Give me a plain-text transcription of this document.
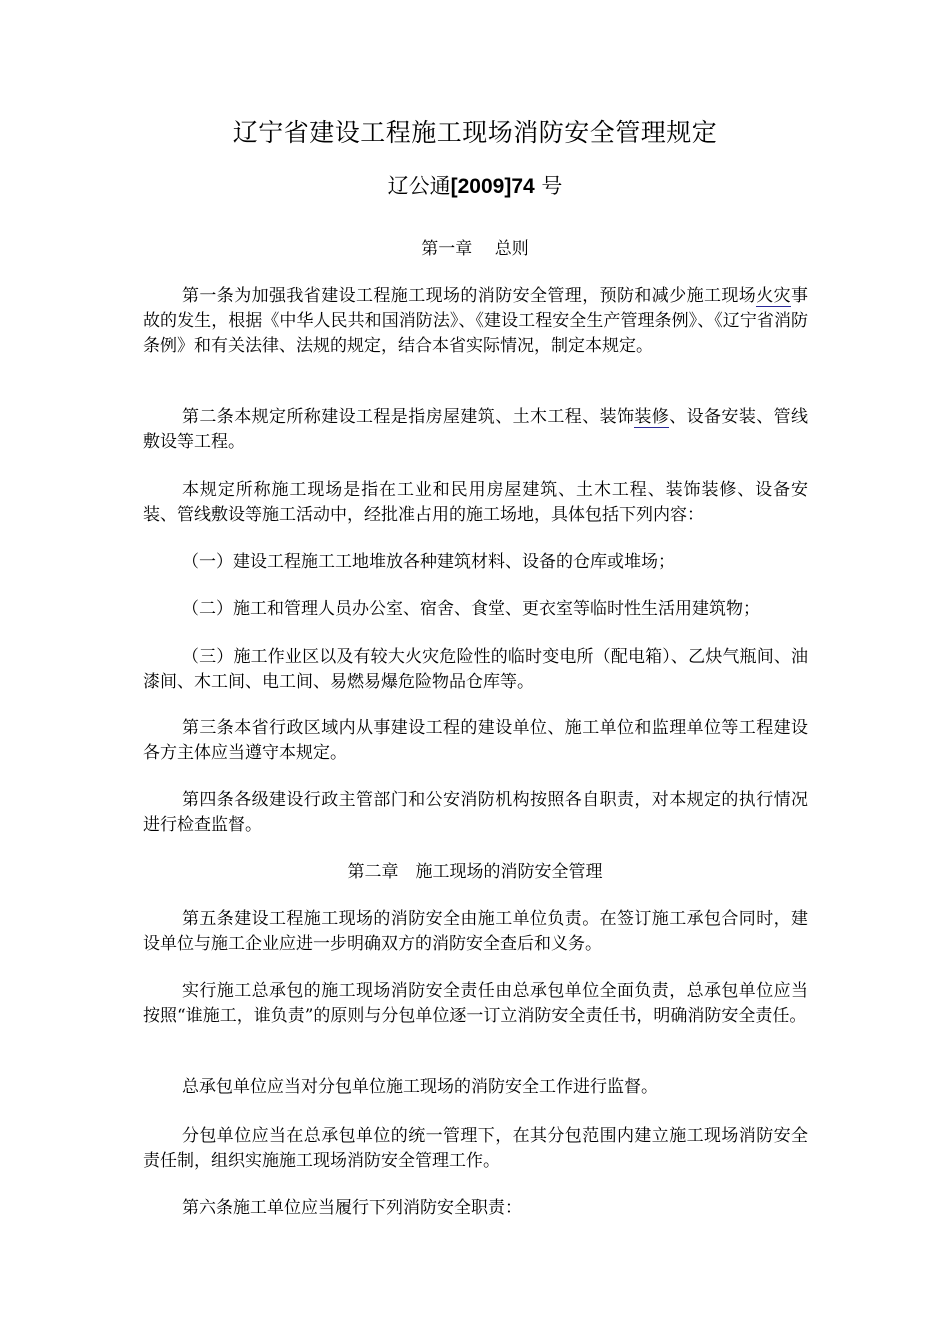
辽宁省建设工程施工现场消防安全管理规定

辽公通[2009]74 号

第一章　 总则

第一条为加强我省建设工程施工现场的消防安全管理，预防和减少施工现场火灾事故的发生，根据《中华人民共和国消防法》、《建设工程安全生产管理条例》、《辽宁省消防条例》和有关法律、法规的规定，结合本省实际情况，制定本规定。

第二条本规定所称建设工程是指房屋建筑、土木工程、装饰装修、设备安装、管线敷设等工程。

本规定所称施工现场是指在工业和民用房屋建筑、土木工程、装饰装修、设备安装、管线敷设等施工活动中，经批准占用的施工场地，具体包括下列内容：

（一）建设工程施工工地堆放各种建筑材料、设备的仓库或堆场；

（二）施工和管理人员办公室、宿舍、食堂、更衣室等临时性生活用建筑物；

（三）施工作业区以及有较大火灾危险性的临时变电所（配电箱）、乙炔气瓶间、油漆间、木工间、电工间、易燃易爆危险物品仓库等。

第三条本省行政区域内从事建设工程的建设单位、施工单位和监理单位等工程建设各方主体应当遵守本规定。

第四条各级建设行政主管部门和公安消防机构按照各自职责，对本规定的执行情况进行检查监督。

第二章　施工现场的消防安全管理

第五条建设工程施工现场的消防安全由施工单位负责。在签订施工承包合同时，建设单位与施工企业应进一步明确双方的消防安全查后和义务。

实行施工总承包的施工现场消防安全责任由总承包单位全面负责，总承包单位应当按照“谁施工，谁负责”的原则与分包单位逐一订立消防安全责任书，明确消防安全责任。

总承包单位应当对分包单位施工现场的消防安全工作进行监督。

分包单位应当在总承包单位的统一管理下，在其分包范围内建立施工现场消防安全责任制，组织实施施工现场消防安全管理工作。

第六条施工单位应当履行下列消防安全职责：
